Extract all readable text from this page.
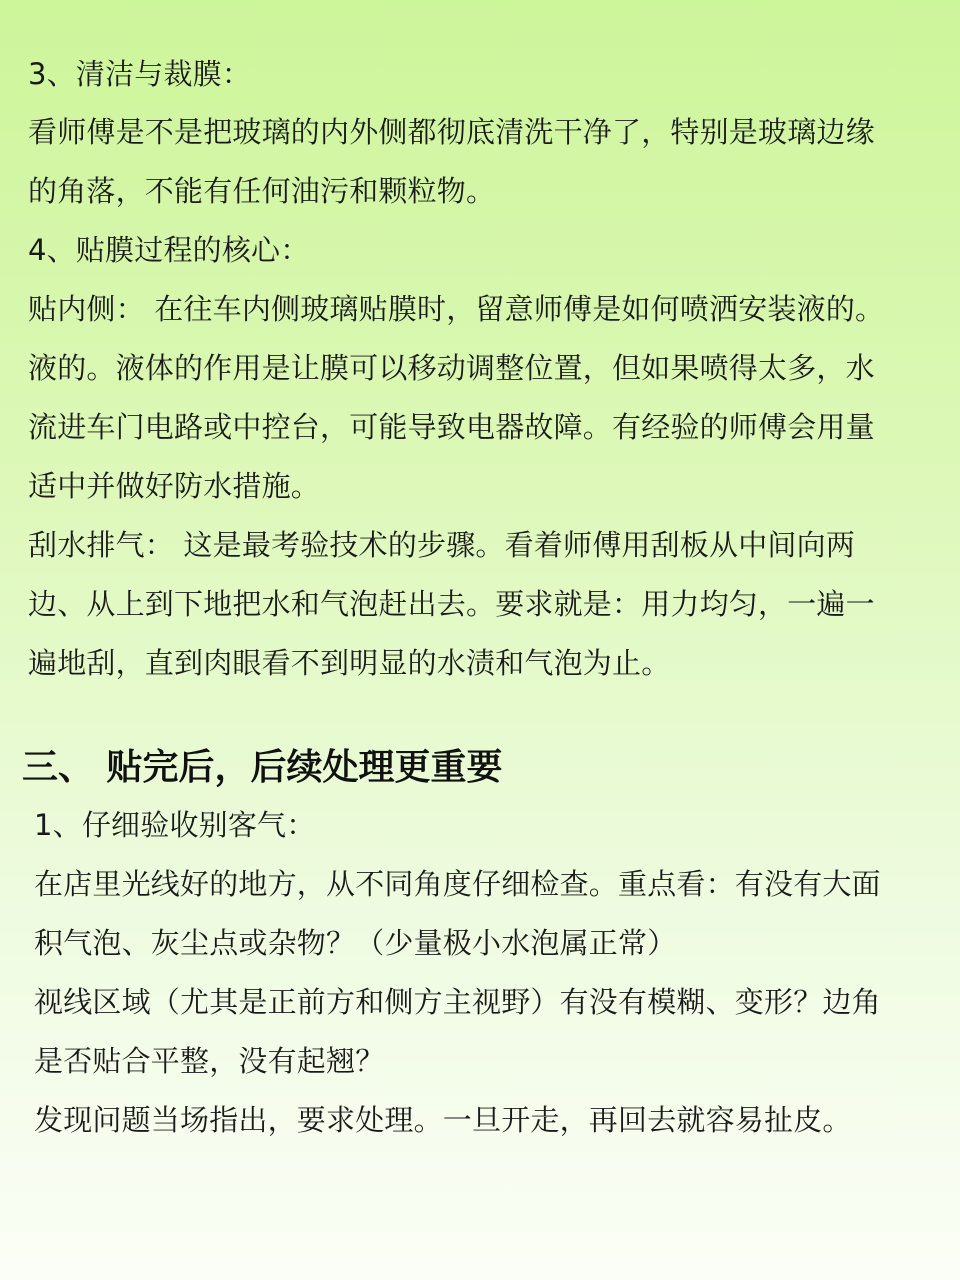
3、清洁与裁膜：
看师傅是不是把玻璃的内外侧都彻底清洗干净了，特别是玻璃边缘
的角落，不能有任何油污和颗粒物。
4、贴膜过程的核心：
贴内侧： 在往车内侧玻璃贴膜时，留意师傅是如何喷洒安装液的。
液的。液体的作用是让膜可以移动调整位置，但如果喷得太多，水
流进车门电路或中控台，可能导致电器故障。有经验的师傅会用量
适中并做好防水措施。
刮水排气： 这是最考验技术的步骤。看着师傅用刮板从中间向两
边、从上到下地把水和气泡赶出去。要求就是：用力均匀，一遍一
遍地刮，直到肉眼看不到明显的水渍和气泡为止。
三、 贴完后，后续处理更重要
1、仔细验收别客气：
在店里光线好的地方，从不同角度仔细检查。重点看：有没有大面
积气泡、灰尘点或杂物？（少量极小水泡属正常）
视线区域（尤其是正前方和侧方主视野）有没有模糊、变形？边角
是否贴合平整，没有起翘？
发现问题当场指出，要求处理。一旦开走，再回去就容易扯皮。
